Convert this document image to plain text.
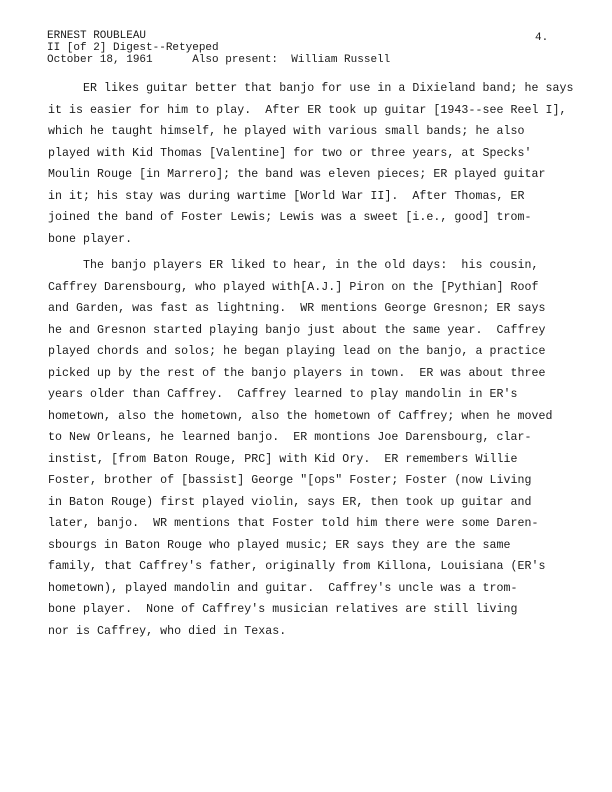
ERNEST ROUBLEAU
II [of 2] Digest--Retyeped
October 18, 1961      Also present:  William Russell
4.
ER likes guitar better that banjo for use in a Dixieland band; he says
it is easier for him to play.  After ER took up guitar [1943--see Reel I],
which he taught himself, he played with various small bands; he also
played with Kid Thomas [Valentine] for two or three years, at Specks'
Moulin Rouge [in Marrero]; the band was eleven pieces; ER played guitar
in it; his stay was during wartime [World War II].  After Thomas, ER
joined the band of Foster Lewis; Lewis was a sweet [i.e., good] trom-
bone player.
The banjo players ER liked to hear, in the old days:  his cousin,
Caffrey Darensbourg, who played with[A.J.] Piron on the [Pythian] Roof
and Garden, was fast as lightning.  WR mentions George Gresnon; ER says
he and Gresnon started playing banjo just about the same year.  Caffrey
played chords and solos; he began playing lead on the banjo, a practice
picked up by the rest of the banjo players in town.  ER was about three
years older than Caffrey.  Caffrey learned to play mandolin in ER's
hometown, also the hometown, also the hometown of Caffrey; when he moved
to New Orleans, he learned banjo.  ER montions Joe Darensbourg, clar-
instist, [from Baton Rouge, PRC] with Kid Ory.  ER remembers Willie
Foster, brother of [bassist] George "[ops" Foster; Foster (now Living
in Baton Rouge) first played violin, says ER, then took up guitar and
later, banjo.  WR mentions that Foster told him there were some Daren-
sbourgs in Baton Rouge who played music; ER says they are the same
family, that Caffrey's father, originally from Killona, Louisiana (ER's
hometown), played mandolin and guitar.  Caffrey's uncle was a trom-
bone player.  None of Caffrey's musician relatives are still living
nor is Caffrey, who died in Texas.
